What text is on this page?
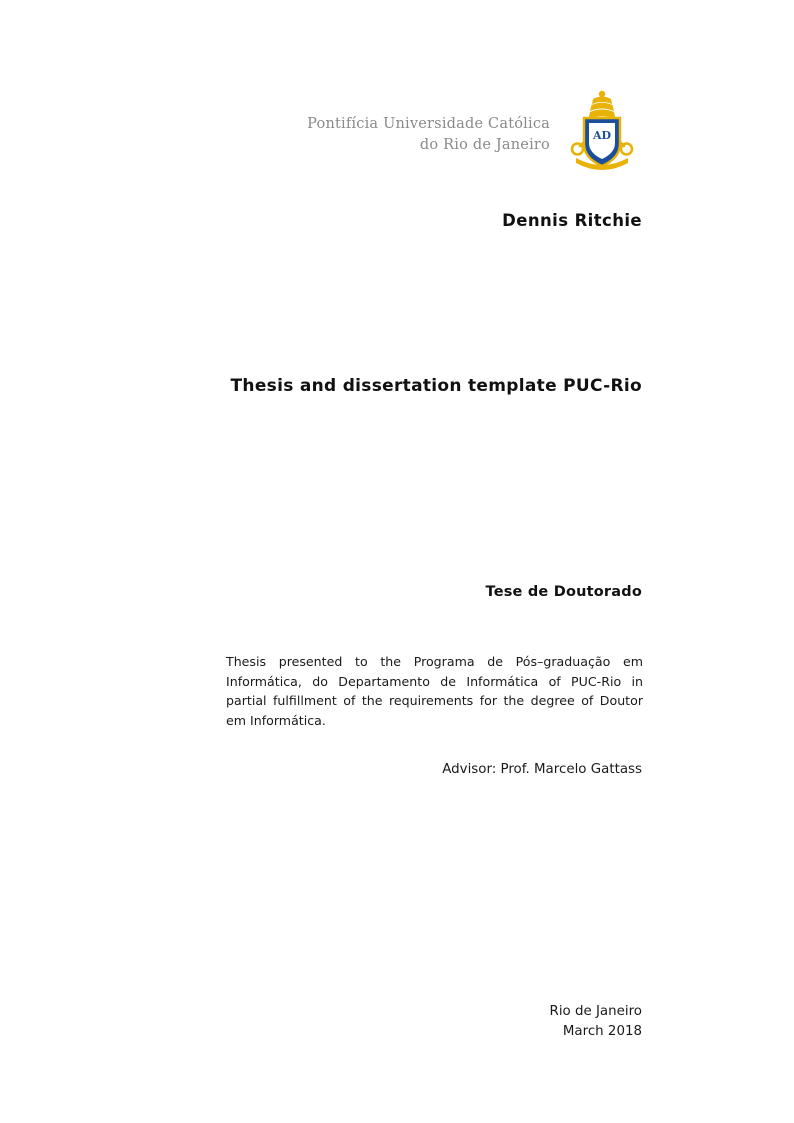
Pontifícia Universidade Católica
do Rio de Janeiro
AD
Dennis Ritchie
Thesis and dissertation template PUC-Rio
Tese de Doutorado
Thesis presented to the Programa de Pós–graduação em Informática, do Departamento de Informática of PUC-Rio in partial fulfillment of the requirements for the degree of Doutor em Informática.
Advisor: Prof. Marcelo Gattass
Rio de Janeiro
March 2018
